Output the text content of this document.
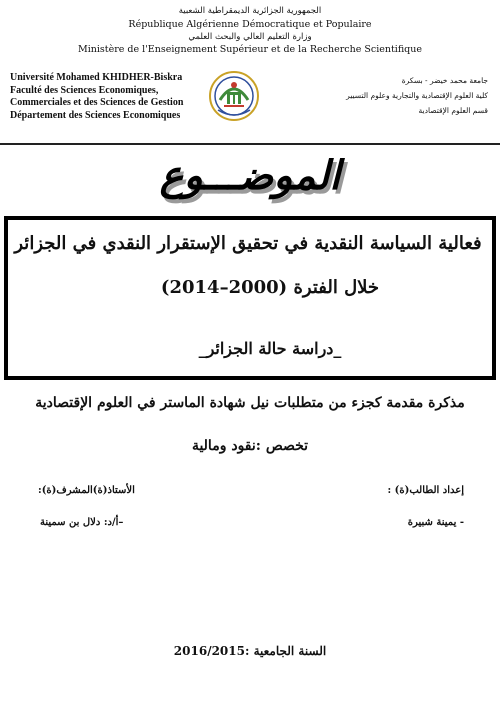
الجمهورية الجزائرية الديمقراطية الشعبية
République Algérienne Démocratique et Populaire
وزارة التعليم العالي والبحث العلمي
Ministère de l'Enseignement Supérieur et de la Recherche Scientifique
Université Mohamed KHIDHER-Biskra
Faculté des Sciences Economiques,
Commerciales et des Sciences de Gestion
Département des Sciences Economiques
جامعة محمد خيضر - بسكرة
كلية العلوم الإقتصادية والتجارية وعلوم التسيير
قسم العلوم الإقتصادية
الموضـــوع
فعالية السياسة النقدية في تحقيق الإستقرار النقدي في الجزائر
خلال الفترة (2000–2014)
_دراسة حالة الجزائر_
مذكرة مقدمة كجزء من متطلبات نيل شهادة الماستر في العلوم الإقتصادية
تخصص :نقود ومالية
إعداد الطالب(ة) :
الأستاذ(ة)المشرف(ة):
- يمينة شبيرة
–أ/د: دلال بن سمينة
السنة الجامعية :2016/2015
